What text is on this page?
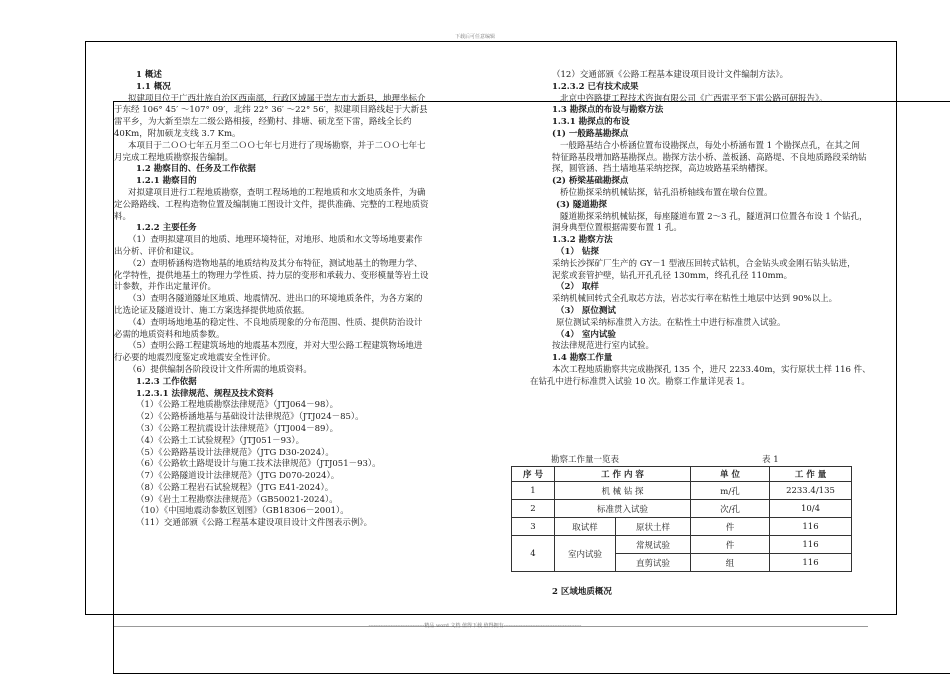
下载后可任意编辑

1 概述

1.1 概况

拟建项目位于广西壮族自治区西南部，行政区域属于崇左市大新县，地理坐标介

于东经 106° 45′ ～107° 09′，北纬 22° 36′ ～22° 56′，拟建项目路线起于大新县

雷平乡，为大新至崇左二级公路相接，经勤村、排塘、硕龙至下雷，路线全长约

40Km，附加硕龙支线 3.7 Km。

本项目于二ＯＯ七年五月至二ＯＯ七年七月进行了现场勘察，并于二ＯＯ七年七

月完成工程地质勘察报告编制。

1.2 勘察目的、任务及工作依据

1.2.1 勘察目的

对拟建项目进行工程地质勘察，查明工程场地的工程地质和水文地质条件，为确

定公路路线、工程构造物位置及编制施工图设计文件，提供准确、完整的工程地质资

料。

1.2.2 主要任务

（1）查明拟建项目的地质、地理环境特征，对地形、地质和水文等场地要素作

出分析、评价和建议。

（2）查明桥涵构造物地基的地质结构及其分布特征，测试地基土的物理力学、

化学特性，提供地基土的物理力学性质、持力层的变形和承载力、变形模量等岩土设

计参数，并作出定量评价。

（3）查明各隧道隧址区地质、地震情况、进出口的环境地质条件，为各方案的

比选论证及隧道设计、施工方案选择提供地质依据。

（4）查明场地地基的稳定性、不良地质现象的分布范围、性质、提供防治设计

必需的地质资料和地质参数。

（5）查明公路工程建筑场地的地震基本烈度，并对大型公路工程建筑物场地进

行必要的地震烈度鉴定或地震安全性评价。

（6）提供编制各阶段设计文件所需的地质资料。

1.2.3 工作依据

1.2.3.1 法律规范、规程及技术资料

（1）《公路工程地质勘察法律规范》（JTJ064－98）。

（2）《公路桥涵地基与基础设计法律规范》（JTJ024－85）。

（3）《公路工程抗震设计法律规范》（JTJ004－89）。

（4）《公路土工试验规程》（JTJ051－93）。

（5）《公路路基设计法律规范》（JTG D30-2024）。

（6）《公路软土路堤设计与施工技术法律规范》（JTJ051－93）。

（7）《公路隧道设计法律规范》（JTG D070-2024）。

（8）《公路工程岩石试验规程》（JTG E41-2024）。

（9）《岩土工程勘察法律规范》（GB50021-2024）。

（10）《中国地震动参数区划图》（GB18306－2001）。

（11）交通部颁《公路工程基本建设项目设计文件图表示例》。

（12）交通部颁《公路工程基本建设项目设计文件编制方法》。

1.2.3.2 已有技术成果

北京中咨路捷工程技术咨询有限公司《广西雷平至下雷公路可研报告》。

1.3 勘探点的布设与勘察方法

1.3.1 勘探点的布设

(1) 一般路基勘探点

一般路基结合小桥涵位置布设勘探点，每处小桥涵布置 1 个勘探点孔，在其之间

特征路基段增加路基勘探点。勘探方法小桥、盖板涵、高路堤、不良地质路段采纳钻

探，圆管涵、挡土墙地基采纳挖探，高边坡路基采纳槽探。

(2) 桥梁基础勘探点

桥位勘探采纳机械钻探，钻孔沿桥轴线布置在墩台位置。

(3) 隧道勘探

隧道勘探采纳机械钻探，每座隧道布置 2～3 孔，隧道洞口位置各布设 1 个钻孔，

洞身典型位置根据需要布置 1 孔。

1.3.2 勘察方法

（1） 钻探

采纳长沙探矿厂生产的 GY－1 型液压回转式钻机，合金钻头或金刚石钻头钻进，

泥浆或套管护壁，钻孔开孔孔径 130mm，终孔孔径 110mm。

（2） 取样

采纳机械回转式全孔取芯方法，岩芯实行率在粘性土地层中达到 90%以上。

（3） 原位测试

原位测试采纳标准贯入方法。在粘性土中进行标准贯入试验。

（4） 室内试验

按法律规范进行室内试验。

1.4 勘察工作量

本次工程地质勘察共完成勘探孔 135 个，进尺 2233.40m，实行原状土样 116 件、

在钻孔中进行标准贯入试验 10 次。勘察工作量详见表 1。

勘察工作量一览表	表 1
序 号	工 作 内 容		单 位	工 作 量
1	机 械 钻 探		m/孔	2233.4/135
2	标准贯入试验		次/孔	10/4
3	取试样	原状土样	件	116
4	室内试验	常规试验	件	116
		直剪试验	组	116

2 区域地质概况

---------------------------------精品 word 文档 值得下载 值得拥有----------------------------------------------
